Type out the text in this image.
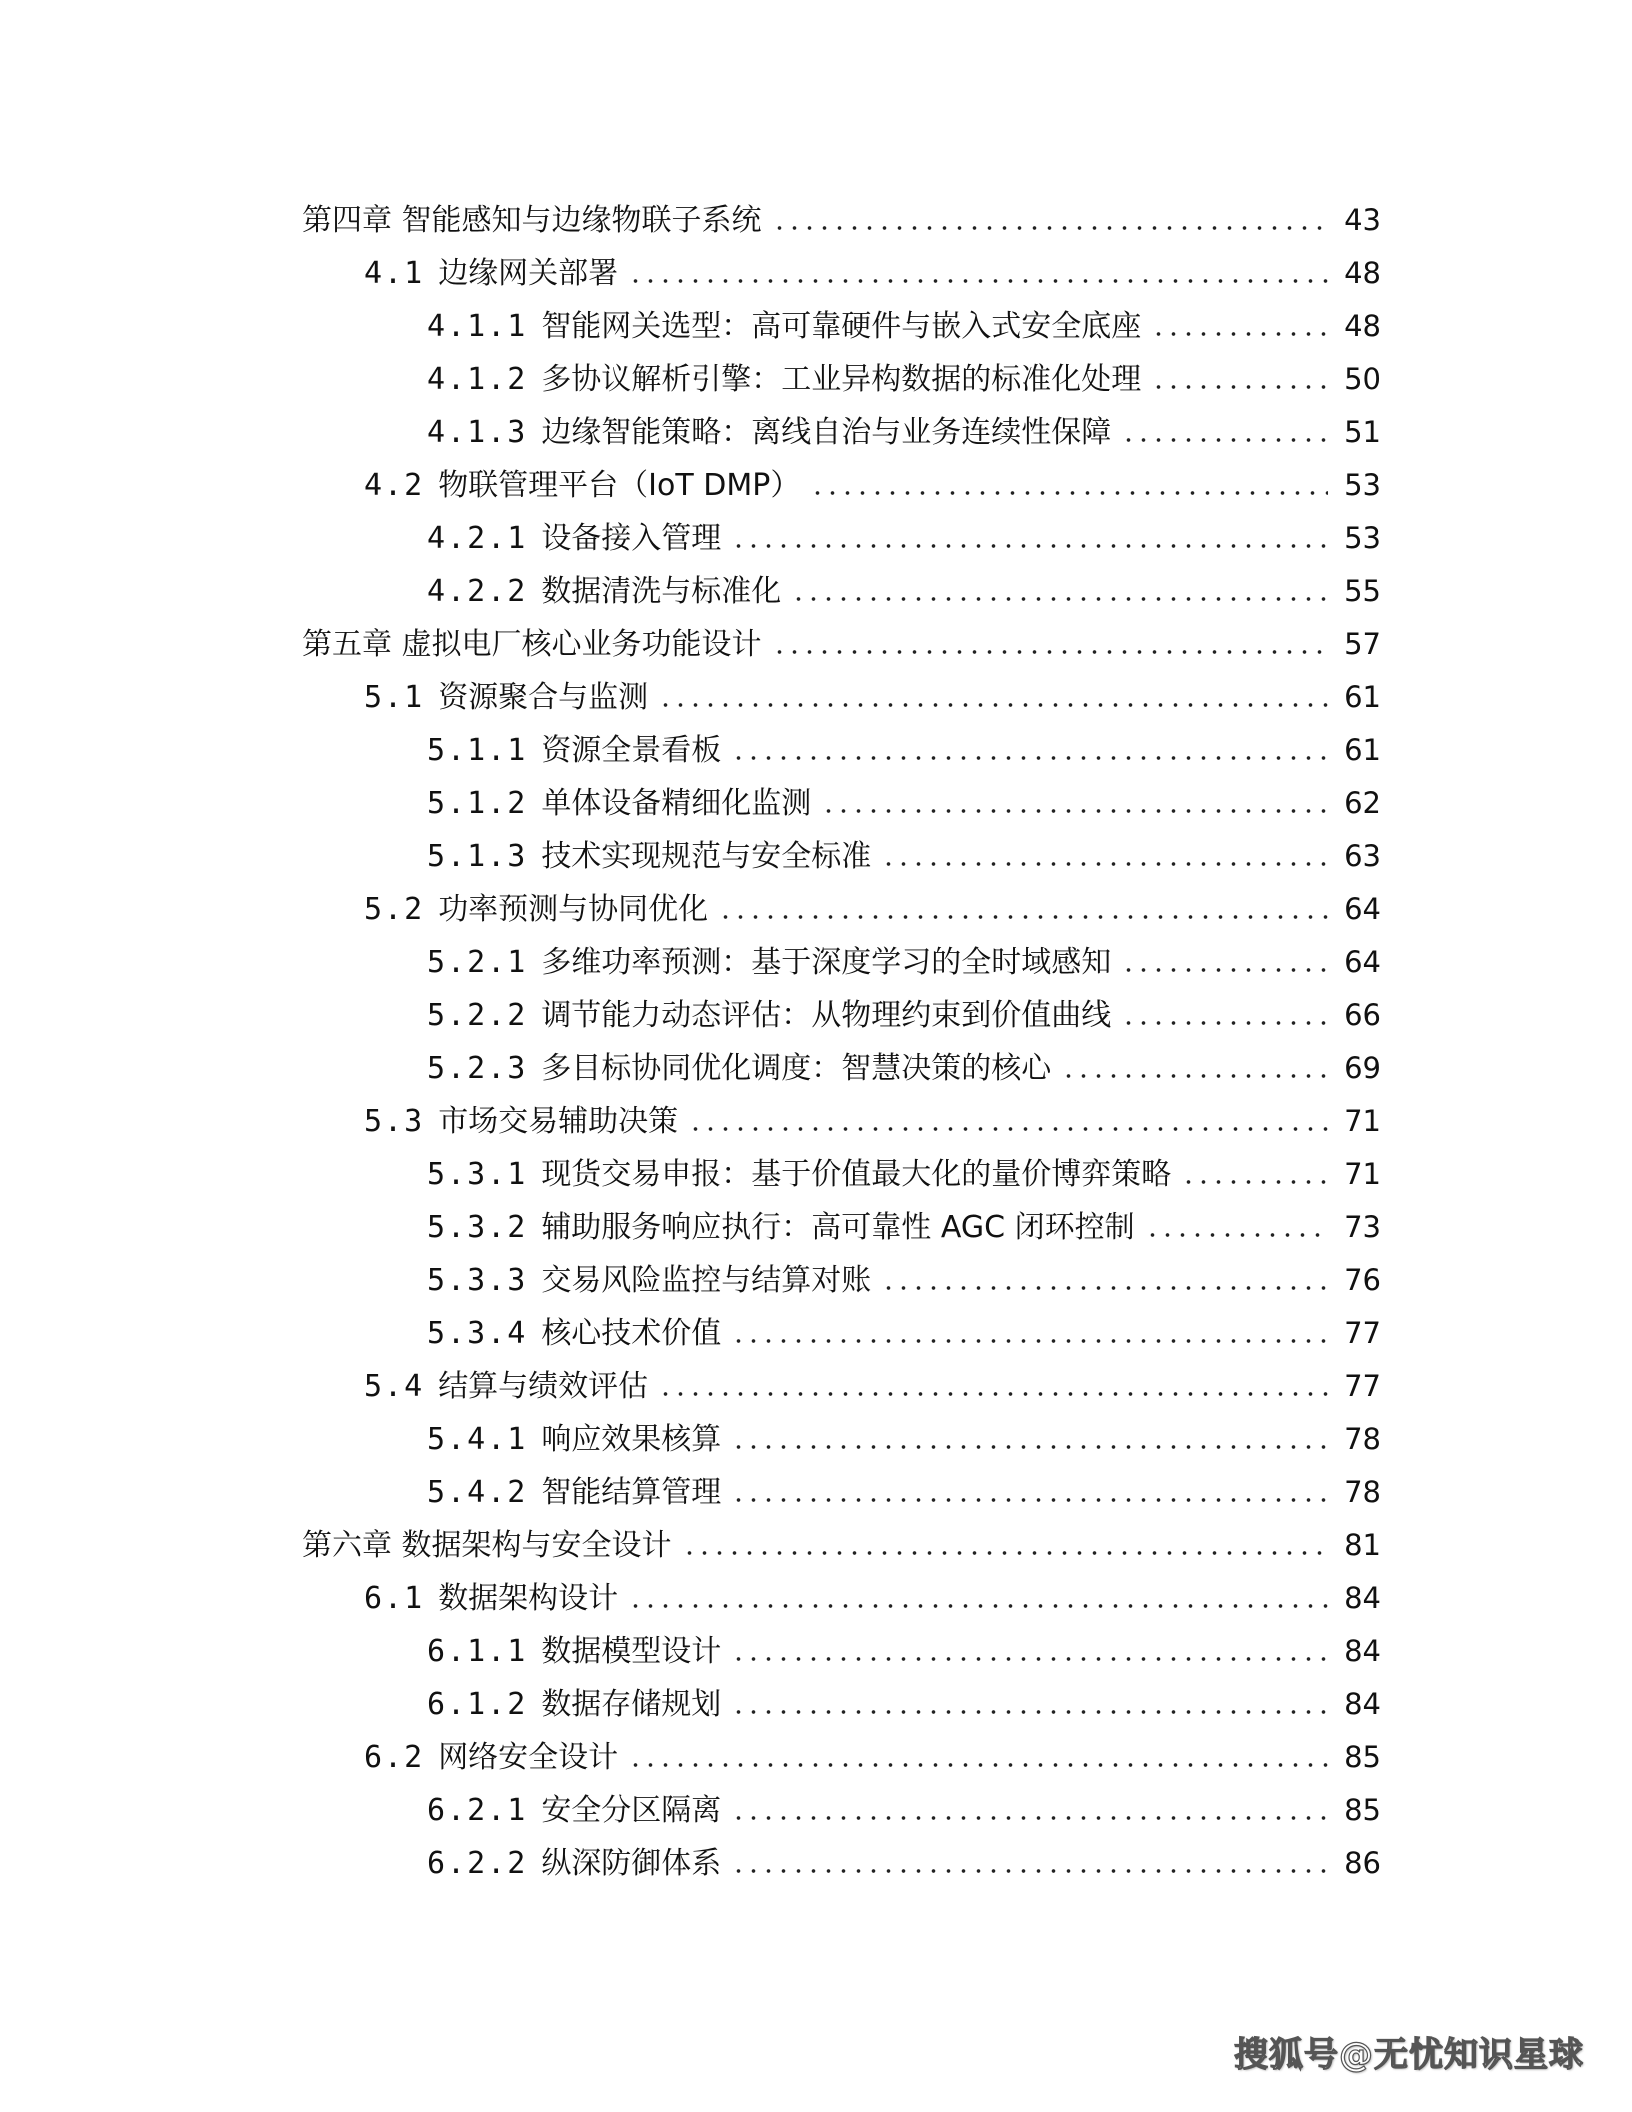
第四章 智能感知与边缘物联子系统	43
4.1 边缘网关部署	48
4.1.1 智能网关选型：高可靠硬件与嵌入式安全底座	48
4.1.2 多协议解析引擎：工业异构数据的标准化处理	50
4.1.3 边缘智能策略：离线自治与业务连续性保障	51
4.2 物联管理平台（IoT DMP）	53
4.2.1 设备接入管理	53
4.2.2 数据清洗与标准化	55
第五章 虚拟电厂核心业务功能设计	57
5.1 资源聚合与监测	61
5.1.1 资源全景看板	61
5.1.2 单体设备精细化监测	62
5.1.3 技术实现规范与安全标准	63
5.2 功率预测与协同优化	64
5.2.1 多维功率预测：基于深度学习的全时域感知	64
5.2.2 调节能力动态评估：从物理约束到价值曲线	66
5.2.3 多目标协同优化调度：智慧决策的核心	69
5.3 市场交易辅助决策	71
5.3.1 现货交易申报：基于价值最大化的量价博弈策略	71
5.3.2 辅助服务响应执行：高可靠性 AGC 闭环控制	73
5.3.3 交易风险监控与结算对账	76
5.3.4 核心技术价值	77
5.4 结算与绩效评估	77
5.4.1 响应效果核算	78
5.4.2 智能结算管理	78
第六章 数据架构与安全设计	81
6.1 数据架构设计	84
6.1.1 数据模型设计	84
6.1.2 数据存储规划	84
6.2 网络安全设计	85
6.2.1 安全分区隔离	85
6.2.2 纵深防御体系	86
搜狐号@无忧知识星球
